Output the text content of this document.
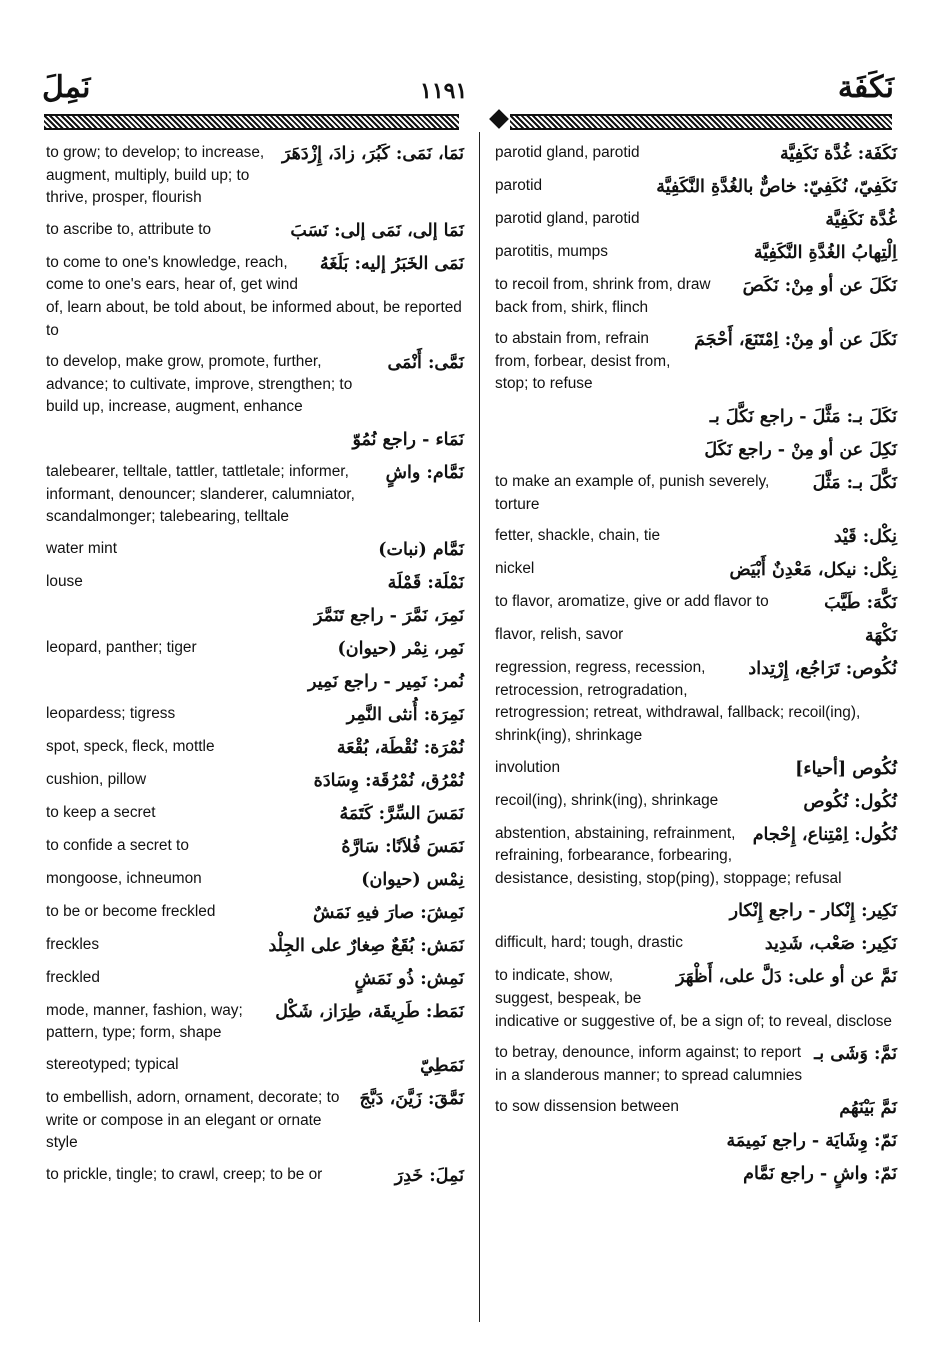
نَمِلَ	١١٩١	نَكَفَة
نَمَا، نَمَى: كَبُرَ، زادَ، إِزْدَهَرَ
to grow; to develop; to increase, augment, multiply, build up; to thrive, prosper, flourish
نَمَا إلى، نَمَى إلى: نَسَبَ
to ascribe to, attribute to
نَمَى الخَبَرُ إليه: بَلَغَهُ
to come to one's knowledge, reach, come to one's ears, hear of, get wind of, learn about, be told about, be informed about, be reported to
نَمَّى: أَنْمَى
to develop, make grow, promote, further, advance; to cultivate, improve, strengthen; to build up, increase, augment, enhance
نَمَاء - راجع نُمُوّ
نَمَّام: واشٍ
talebearer, telltale, tattler, tattletale; informer, informant, denouncer; slanderer, calumniator, scandalmonger; talebearing, telltale
نَمَّام (نبات)
water mint
نَمْلَة: قَمْلَة
louse
نَمِرَ، نَمَّرَ - راجع تَنَمَّرَ
نَمِر، نِمْر (حيوان)
leopard, panther; tiger
نُمر: نَمِير - راجع نَمِير
نَمِرَة: أُنثى النَّمِر
leopardess; tigress
نُمْرَة: نُقْطَة، بُقْعَة
spot, speck, fleck, mottle
نُمْرُق، نُمْرُقَة: وِسَادَة
cushion, pillow
نَمَسَ السِّرَّ: كَتَمَهُ
to keep a secret
نَمَسَ فُلاَنًا: سَارَّهُ
to confide a secret to
نِمْس (حيوان)
mongoose, ichneumon
نَمِشَ: صارَ فيهِ نَمَشٌ
to be or become freckled
نَمَش: بُقَعٌ صِغارٌ على الجِلْد
freckles
نَمِش: ذُو نَمَشٍ
freckled
نَمَط: طَرِيقَة، طِرَاز، شَكْل
mode, manner, fashion, way; pattern, type; form, shape
نَمَطِيّ
stereotyped; typical
نَمَّقَ: زَيَّنَ، دَبَّجَ
to embellish, adorn, ornament, decorate; to write or compose in an elegant or ornate style
نَمِلَ: خَدِرَ
to prickle, tingle; to crawl, creep; to be or
نَكَفَة: غُدَّة نَكَفِيَّة
parotid gland, parotid
نَكَفِيّ، نُكَفِيّ: خاصٌّ بالغُدَّةِ النَّكَفِيَّة
parotid
غُدَّة نَكَفِيَّة
parotid gland, parotid
اِلْتِهابُ الغُدَّةِ النَّكَفِيَّة
parotitis, mumps
نَكَلَ عن أو مِنْ: نَكَصَ
to recoil from, shrink from, draw back from, shirk, flinch
نَكَلَ عن أو مِنْ: اِمْتَنَعَ، أَحْجَمَ
to abstain from, refrain from, forbear, desist from, stop; to refuse
نَكَلَ بـ: مَثَّلَ - راجع نَكَّلَ بـ
نَكِلَ عن أو مِنْ - راجع نَكَلَ
نَكَّلَ بـ: مَثَّلَ
to make an example of, punish severely, torture
نِكْل: قَيْد
fetter, shackle, chain, tie
نِكْل: نيكل، مَعْدِنٌ أَبْيَض
nickel
نَكَّهَ: طَيَّبَ
to flavor, aromatize, give or add flavor to
نَكْهَة
flavor, relish, savor
نُكُوص: تَرَاجُع، إِرْتِداد
regression, regress, recession, retrocession, retrogradation, retrogression; retreat, withdrawal, fallback; recoil(ing), shrink(ing), shrinkage
نُكُوص [أحياء]
involution
نُكُول: نُكُوص
recoil(ing), shrink(ing), shrinkage
نُكُول: اِمْتِناع، إِحْجام
abstention, abstaining, refrainment, refraining, forbearance, forbearing, desistance, desisting, stop(ping), stoppage; refusal
نَكِير: إِنْكار - راجع إِنْكار
نَكِير: صَعْب، شَدِيد
difficult, hard; tough, drastic
نَمَّ عن أو على: دَلَّ على، أَظْهَرَ
to indicate, show, suggest, bespeak, be indicative or suggestive of, be a sign of; to reveal, disclose
نَمَّ: وَشَى بـ
to betray, denounce, inform against; to report in a slanderous manner; to spread calumnies
نَمَّ بَيْنَهُم
to sow dissension between
نَمّ: وِشَايَة - راجع نَمِيمَة
نَمّ: واشٍ - راجع نَمَّام
